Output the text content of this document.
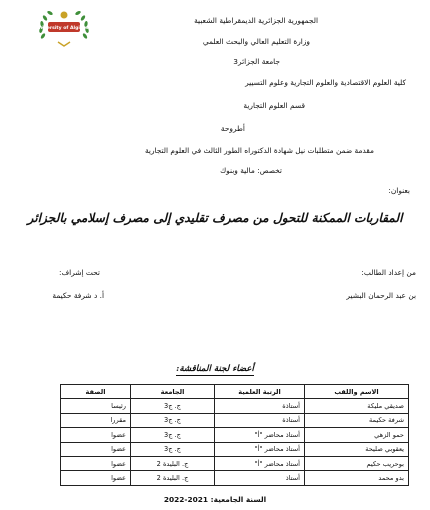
University of Algiers 3
الجمهورية الجزائرية الديمقراطية الشعبية
وزارة التعليم العالي والبحث العلمي
جامعة الجزائر3
كلية العلوم الاقتصادية والعلوم التجارية وعلوم التسيير
قسم العلوم التجارية
أطروحة
مقدمة ضمن متطلبات نيل شهادة الدكتوراه الطور الثالث في العلوم التجارية
تخصص: مالية وبنوك
بعنوان:
المقاربات الممكنة للتحول من مصرف تقليدي إلى مصرف إسلامي بالجزائر
من إعداد الطالب:
بن عبد الرحمان البشير
تحت إشراف:
أ. د شرفة حكيمة
أعضاء لجنة المناقشة:
الاسم واللقب	الرتبة العلمية	الجامعة	الصفة
صديقي مليكة	أستاذة	ج. ج3	رئيسا
شرفة حكيمة	أستاذة	ج. ج3	مقررا
حمو الزهي	أستاذ محاضر "أ"	ج. ج3	عضوا
يعقوبي صليحة	أستاذ محاضر "أ"	ج. ج3	عضوا
بوحريب حكيم	أستاذ محاضر "أ"	ج. البليدة 2	عضوا
بدو محمد	أستاذ	ج. البليدة 2	عضوا
السنة الجامعية: 2021-2022
